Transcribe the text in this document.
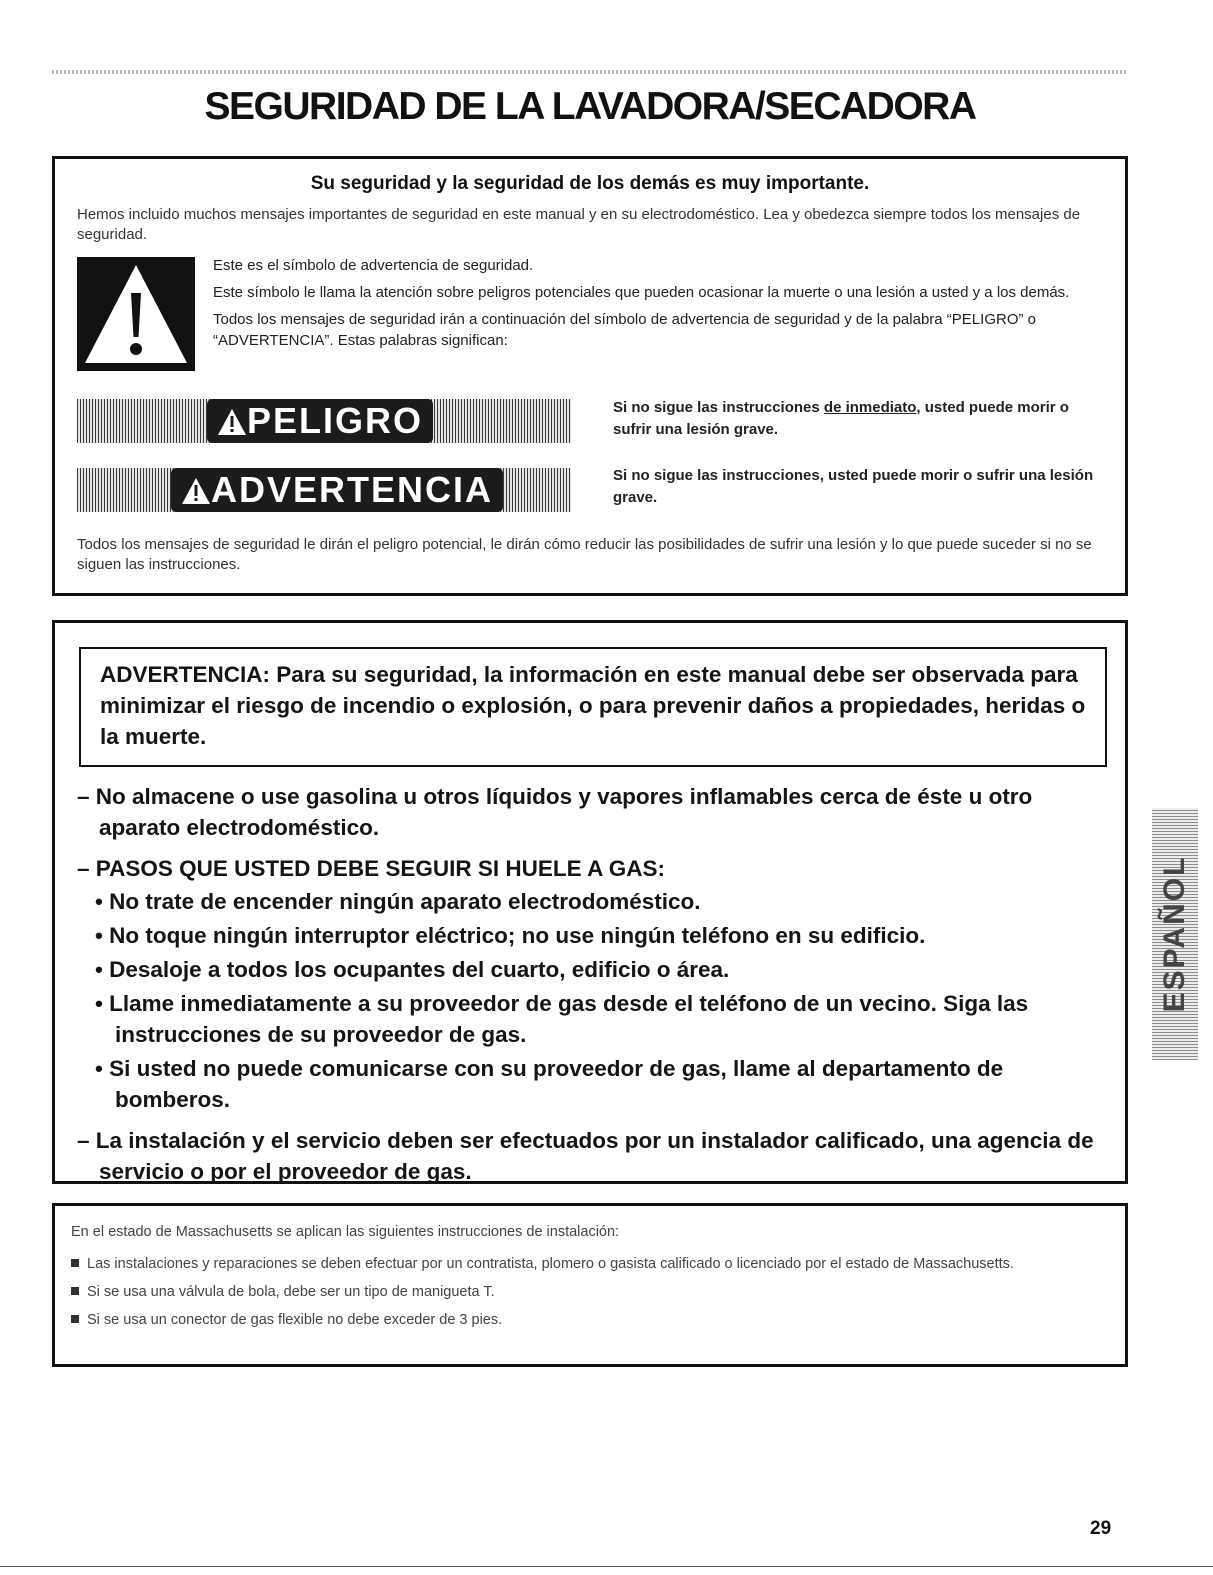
SEGURIDAD DE LA LAVADORA/SECADORA
Su seguridad y la seguridad de los demás es muy importante.

Hemos incluido muchos mensajes importantes de seguridad en este manual y en su electrodoméstico. Lea y obedezca siempre todos los mensajes de seguridad.

Este es el símbolo de advertencia de seguridad.

Este símbolo le llama la atención sobre peligros potenciales que pueden ocasionar la muerte o una lesión a usted y a los demás.

Todos los mensajes de seguridad irán a continuación del símbolo de advertencia de seguridad y de la palabra “PELIGRO” o “ADVERTENCIA”. Estas palabras significan:

PELIGRO	Si no sigue las instrucciones de inmediato, usted puede morir o sufrir una lesión grave.

ADVERTENCIA	Si no sigue las instrucciones, usted puede morir o sufrir una lesión grave.

Todos los mensajes de seguridad le dirán el peligro potencial, le dirán cómo reducir las posibilidades de sufrir una lesión y lo que puede suceder si no se siguen las instrucciones.

ADVERTENCIA: Para su seguridad, la información en este manual debe ser observada para minimizar el riesgo de incendio o explosión, o para prevenir daños a propiedades, heridas o la muerte.

– No almacene o use gasolina u otros líquidos y vapores inflamables cerca de éste u otro aparato electrodoméstico.

– PASOS QUE USTED DEBE SEGUIR SI HUELE A GAS:

• No trate de encender ningún aparato electrodoméstico.

• No toque ningún interruptor eléctrico; no use ningún teléfono en su edificio.

• Desaloje a todos los ocupantes del cuarto, edificio o área.

• Llame inmediatamente a su proveedor de gas desde el teléfono de un vecino. Siga las instrucciones de su proveedor de gas.

• Si usted no puede comunicarse con su proveedor de gas, llame al departamento de bomberos.

– La instalación y el servicio deben ser efectuados por un instalador calificado, una agencia de servicio o por el proveedor de gas.

En el estado de Massachusetts se aplican las siguientes instrucciones de instalación:

Las instalaciones y reparaciones se deben efectuar por un contratista, plomero o gasista calificado o licenciado por el estado de Massachusetts.

Si se usa una válvula de bola, debe ser un tipo de manigueta T.

Si se usa un conector de gas flexible no debe exceder de 3 pies.

ESPAÑOL

29
